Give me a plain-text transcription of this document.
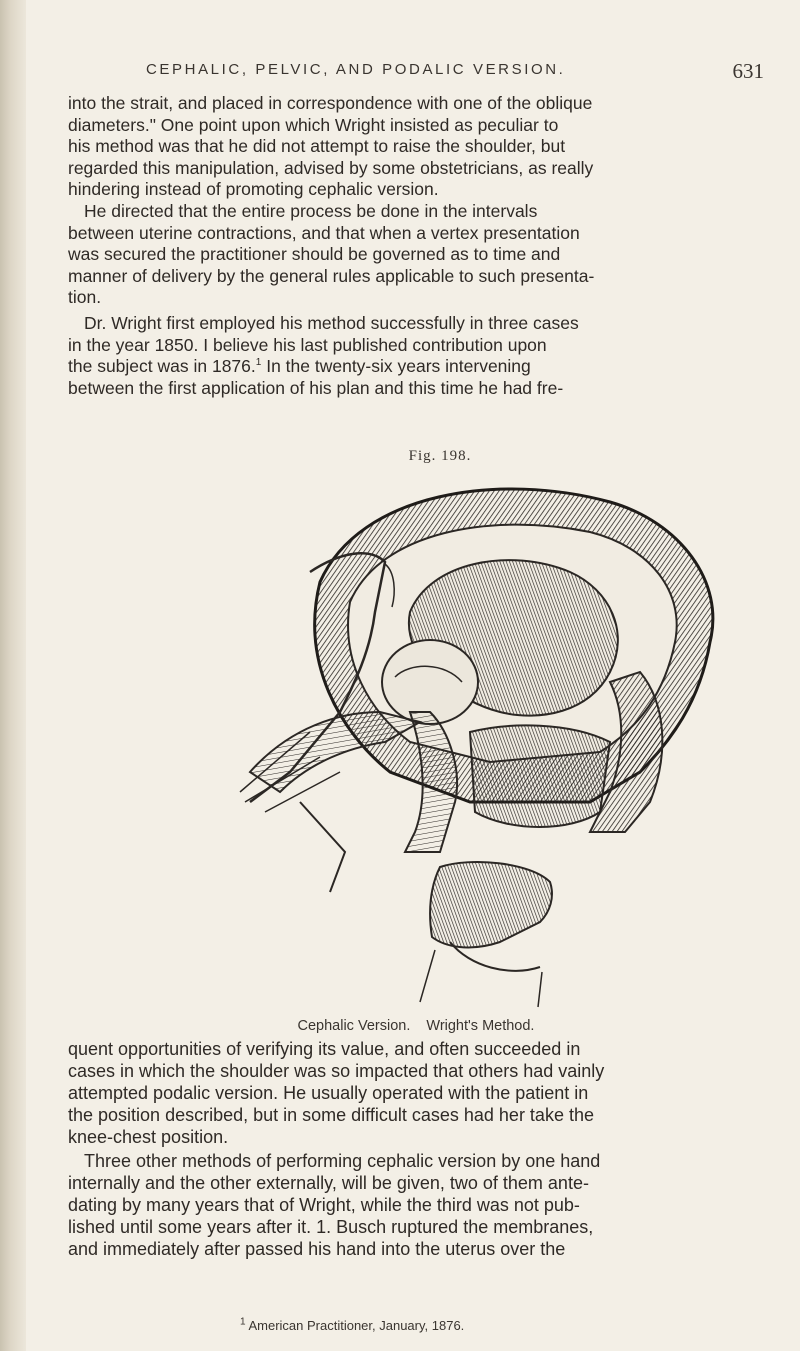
CEPHALIC, PELVIC, AND PODALIC VERSION.	631

into the strait, and placed in correspondence with one of the oblique
diameters." One point upon which Wright insisted as peculiar to
his method was that he did not attempt to raise the shoulder, but
regarded this manipulation, advised by some obstetricians, as really
hindering instead of promoting cephalic version.

He directed that the entire process be done in the intervals
between uterine contractions, and that when a vertex presentation
was secured the practitioner should be governed as to time and
manner of delivery by the general rules applicable to such presenta-
tion.

Dr. Wright first employed his method successfully in three cases
in the year 1850. I believe his last published contribution upon
the subject was in 1876.$^1$ In the twenty-six years intervening
between the first application of his plan and this time he had fre-

Fig. 198.
Cephalic Version. Wright's Method.

quent opportunities of verifying its value, and often succeeded in
cases in which the shoulder was so impacted that others had vainly
attempted podalic version. He usually operated with the patient in
the position described, but in some difficult cases had her take the
knee-chest position.

Three other methods of performing cephalic version by one hand
internally and the other externally, will be given, two of them ante-
dating by many years that of Wright, while the third was not pub-
lished until some years after it. 1. Busch ruptured the membranes,
and immediately after passed his hand into the uterus over the

$^1$ American Practitioner, January, 1876.
